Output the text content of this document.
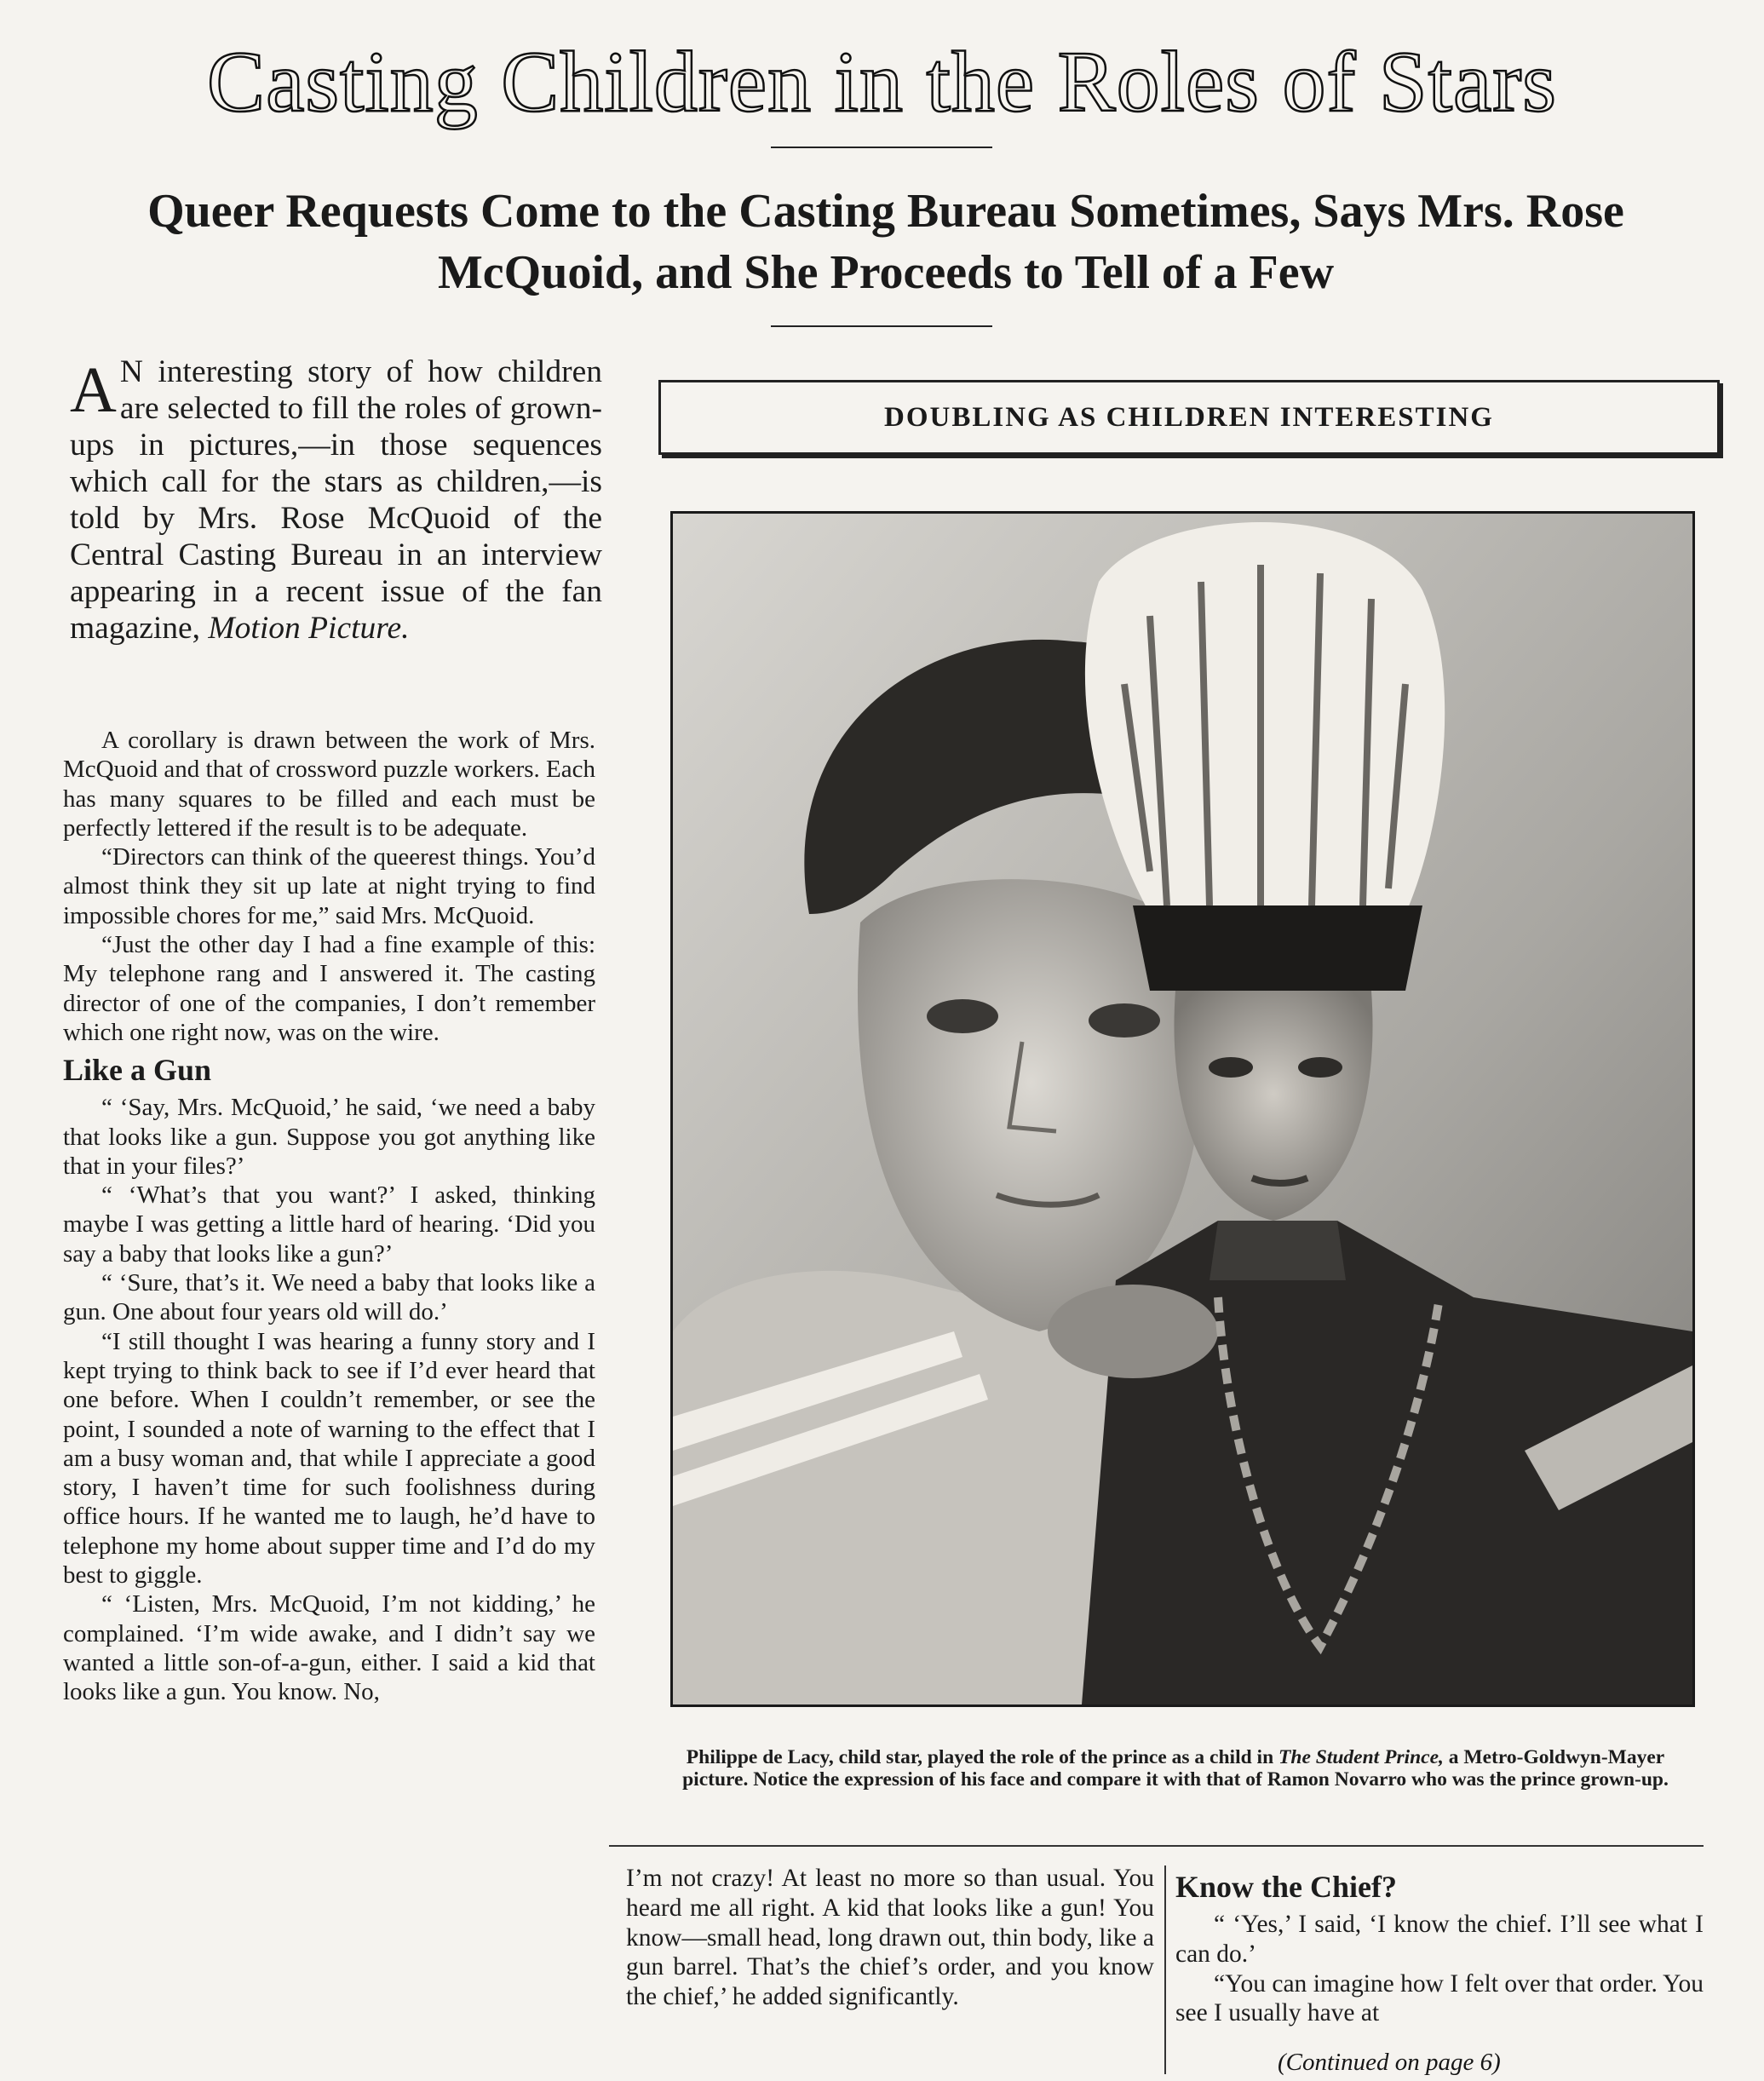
Casting Children in the Roles of Stars
Queer Requests Come to the Casting Bureau Sometimes, Says Mrs. Rose McQuoid, and She Proceeds to Tell of a Few

A N interesting story of how children are selected to fill the roles of grown-ups in pictures,—in those sequences which call for the stars as children,—is told by Mrs. Rose McQuoid of the Central Casting Bureau in an interview appearing in a recent issue of the fan magazine, Motion Picture.

A corollary is drawn between the work of Mrs. McQuoid and that of crossword puzzle workers. Each has many squares to be filled and each must be perfectly lettered if the result is to be adequate.

“Directors can think of the queerest things. You’d almost think they sit up late at night trying to find impossible chores for me,” said Mrs. McQuoid.

“Just the other day I had a fine example of this: My telephone rang and I answered it. The casting director of one of the companies, I don’t remember which one right now, was on the wire.

Like a Gun

“ ‘Say, Mrs. McQuoid,’ he said, ‘we need a baby that looks like a gun. Suppose you got anything like that in your files?’

“ ‘What’s that you want?’ I asked, thinking maybe I was getting a little hard of hearing. ‘Did you say a baby that looks like a gun?’

“ ‘Sure, that’s it. We need a baby that looks like a gun. One about four years old will do.’

“I still thought I was hearing a funny story and I kept trying to think back to see if I’d ever heard that one before. When I couldn’t remember, or see the point, I sounded a note of warning to the effect that I am a busy woman and, that while I appreciate a good story, I haven’t time for such foolishness during office hours. If he wanted me to laugh, he’d have to telephone my home about supper time and I’d do my best to giggle.

“ ‘Listen, Mrs. McQuoid, I’m not kidding,’ he complained. ‘I’m wide awake, and I didn’t say we wanted a little son-of-a-gun, either. I said a kid that looks like a gun. You know. No,

DOUBLING AS CHILDREN INTERESTING
Philippe de Lacy, child star, played the role of the prince as a child in The Student Prince, a Metro-Goldwyn-Mayer picture. Notice the expression of his face and compare it with that of Ramon Novarro who was the prince grown-up.

I’m not crazy! At least no more so than usual. You heard me all right. A kid that looks like a gun! You know—small head, long drawn out, thin body, like a gun barrel. That’s the chief’s order, and you know the chief,’ he added significantly.

Know the Chief?

“ ‘Yes,’ I said, ‘I know the chief. I’ll see what I can do.’

“You can imagine how I felt over that order. You see I usually have at

(Continued on page 6)
